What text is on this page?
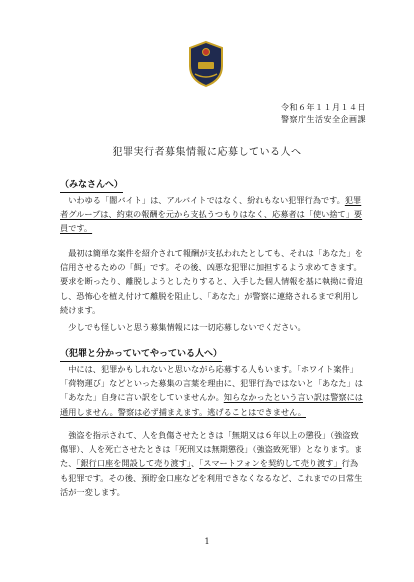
令和６年１１月１４日
警察庁生活安全企画課
犯罪実行者募集情報に応募している人へ
（みなさんへ）
いわゆる「闇バイト」は、アルバイトではなく、紛れもない犯罪行為です。犯罪者グループは、約束の報酬を元から支払うつもりはなく、応募者は「使い捨て」要員です。
最初は簡単な案件を紹介されて報酬が支払われたとしても、それは「あなた」を信用させるための「餌」です。その後、凶悪な犯罪に加担するよう求めてきます。要求を断ったり、離脱しようとしたりすると、入手した個人情報を基に執拗に脅迫し、恐怖心を植え付けて離脱を阻止し、「あなた」が警察に連絡されるまで利用し続けます。
少しでも怪しいと思う募集情報には一切応募しないでください。
（犯罪と分かっていてやっている人へ）
中には、犯罪かもしれないと思いながら応募する人もいます。「ホワイト案件」「荷物運び」などといった募集の言葉を理由に、犯罪行為ではないと「あなた」は「あなた」自身に言い訳をしていませんか。知らなかったという言い訳は警察には通用しません。警察は必ず捕まえます。逃げることはできません。
強盗を指示されて、人を負傷させたときは「無期又は６年以上の懲役」（強盗致傷罪）、人を死亡させたときは「死刑又は無期懲役」（強盗致死罪）となります。また、「銀行口座を開設して売り渡す」、「スマートフォンを契約して売り渡す」行為も犯罪です。その後、預貯金口座などを利用できなくなるなど、これまでの日常生活が一変します。
1
